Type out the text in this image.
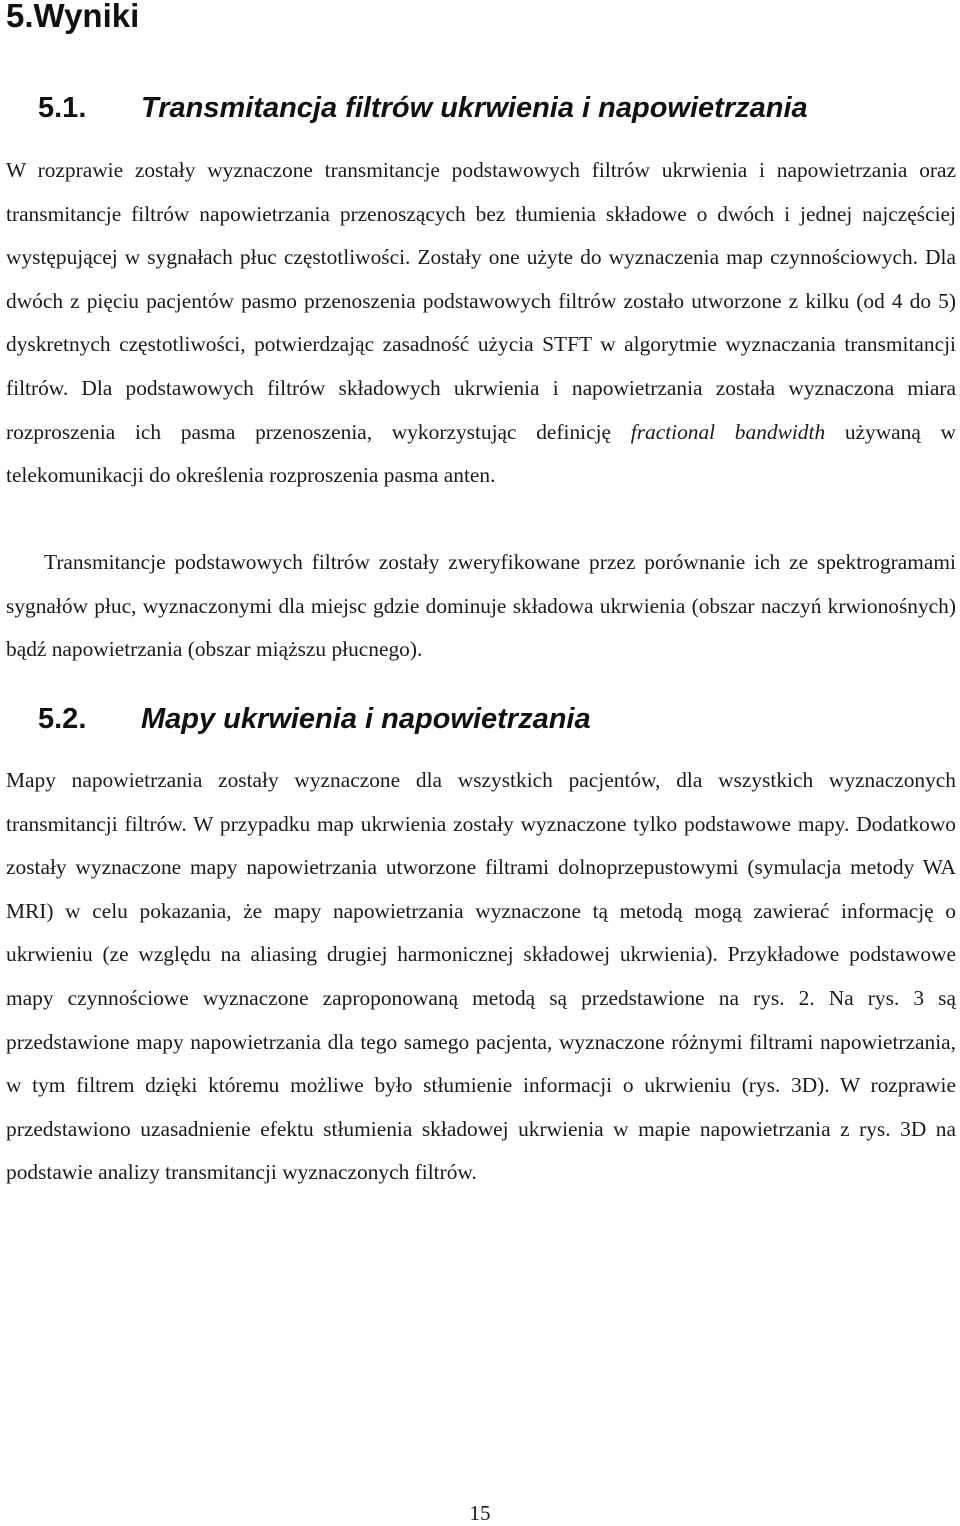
5.Wyniki
5.1. Transmitancja filtrów ukrwienia i napowietrzania

W rozprawie zostały wyznaczone transmitancje podstawowych filtrów ukrwienia i napowietrzania oraz transmitancje filtrów napowietrzania przenoszących bez tłumienia składowe o dwóch i jednej najczęściej występującej w sygnałach płuc częstotliwości. Zostały one użyte do wyznaczenia map czynnościowych. Dla dwóch z pięciu pacjentów pasmo przenoszenia podstawowych filtrów zostało utworzone z kilku (od 4 do 5) dyskretnych częstotliwości, potwierdzając zasadność użycia STFT w algorytmie wyznaczania transmitancji filtrów. Dla podstawowych filtrów składowych ukrwienia i napowietrzania została wyznaczona miara rozproszenia ich pasma przenoszenia, wykorzystując definicję fractional bandwidth używaną w telekomunikacji do określenia rozproszenia pasma anten.

Transmitancje podstawowych filtrów zostały zweryfikowane przez porównanie ich ze spektrogramami sygnałów płuc, wyznaczonymi dla miejsc gdzie dominuje składowa ukrwienia (obszar naczyń krwionośnych) bądź napowietrzania (obszar miąższu płucnego).

5.2. Mapy ukrwienia i napowietrzania

Mapy napowietrzania zostały wyznaczone dla wszystkich pacjentów, dla wszystkich wyznaczonych transmitancji filtrów. W przypadku map ukrwienia zostały wyznaczone tylko podstawowe mapy. Dodatkowo zostały wyznaczone mapy napowietrzania utworzone filtrami dolnoprzepustowymi (symulacja metody WA MRI) w celu pokazania, że mapy napowietrzania wyznaczone tą metodą mogą zawierać informację o ukrwieniu (ze względu na aliasing drugiej harmonicznej składowej ukrwienia). Przykładowe podstawowe mapy czynnościowe wyznaczone zaproponowaną metodą są przedstawione na rys. 2. Na rys. 3 są przedstawione mapy napowietrzania dla tego samego pacjenta, wyznaczone różnymi filtrami napowietrzania, w tym filtrem dzięki któremu możliwe było stłumienie informacji o ukrwieniu (rys. 3D). W rozprawie przedstawiono uzasadnienie efektu stłumienia składowej ukrwienia w mapie napowietrzania z rys. 3D na podstawie analizy transmitancji wyznaczonych filtrów.

15
